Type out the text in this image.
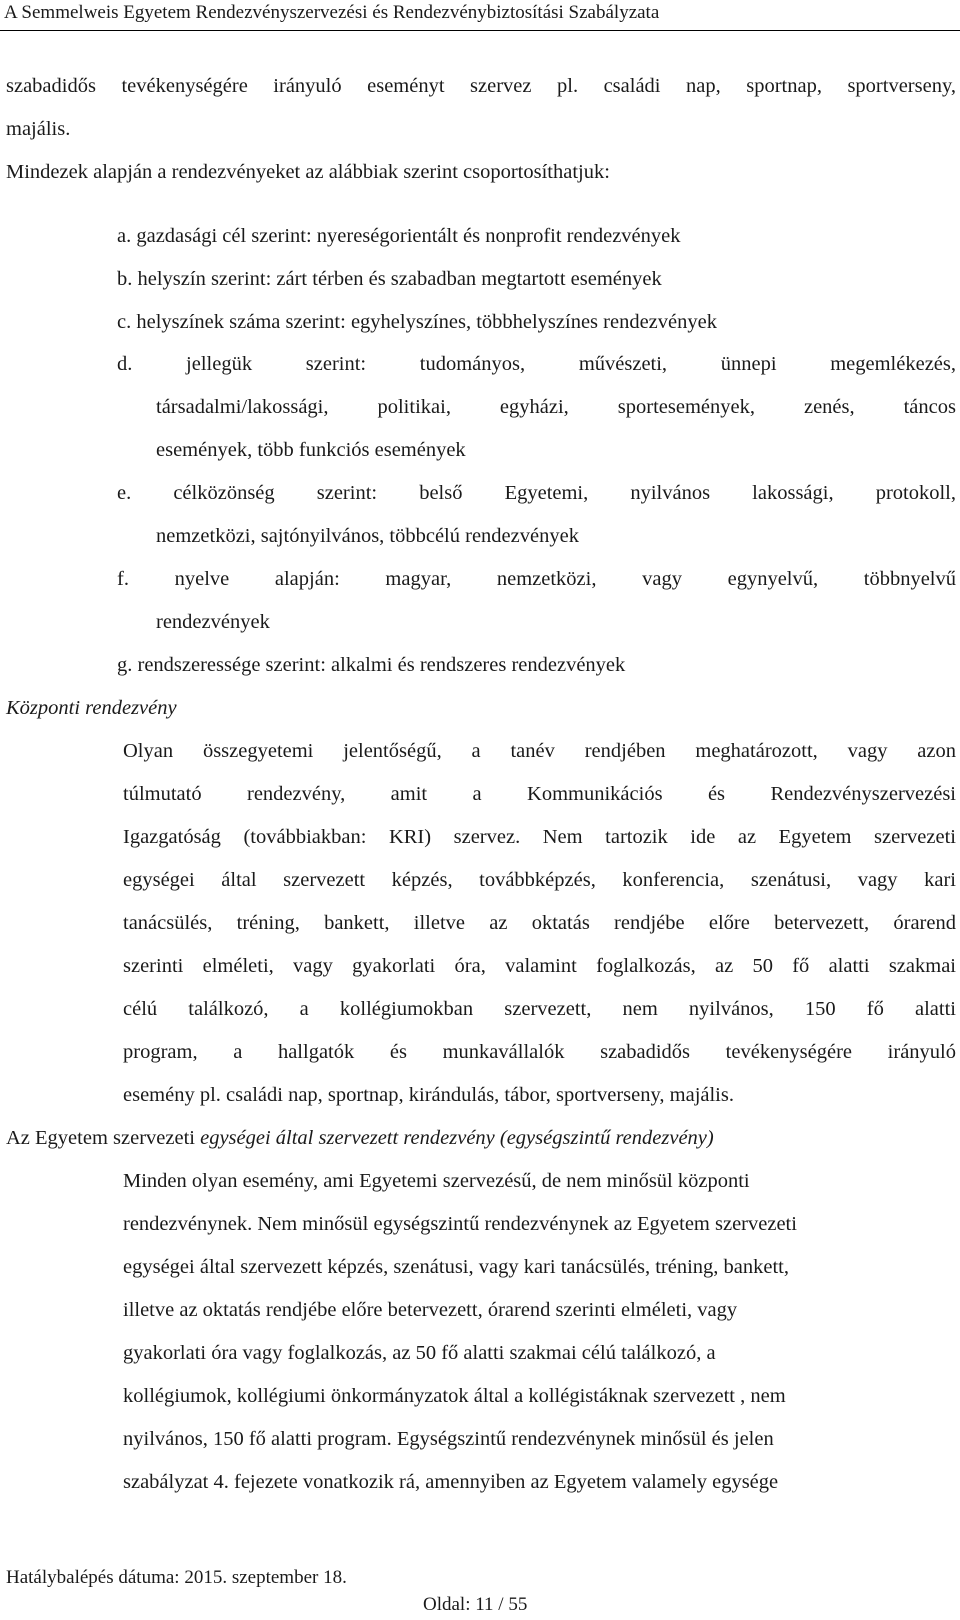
A Semmelweis Egyetem Rendezvényszervezési és Rendezvénybiztosítási Szabályzata
szabadidős tevékenységére irányuló eseményt szervez pl. családi nap, sportnap, sportverseny,
majális.
Mindezek alapján a rendezvényeket az alábbiak szerint csoportosíthatjuk:
a. gazdasági cél szerint: nyereségorientált és nonprofit rendezvények
b. helyszín szerint: zárt térben és szabadban megtartott események
c. helyszínek száma szerint: egyhelyszínes, többhelyszínes rendezvények
d. jellegük szerint: tudományos, művészeti, ünnepi megemlékezés,
társadalmi/lakossági, politikai, egyházi, sportesemények, zenés, táncos
események, több funkciós események
e. célközönség szerint: belső Egyetemi, nyilvános lakossági, protokoll,
nemzetközi, sajtónyilvános, többcélú rendezvények
f. nyelve alapján: magyar, nemzetközi, vagy egynyelvű, többnyelvű
rendezvények
g. rendszeressége szerint: alkalmi és rendszeres rendezvények
Központi rendezvény
Olyan összegyetemi jelentőségű, a tanév rendjében meghatározott, vagy azon
túlmutató rendezvény, amit a Kommunikációs és Rendezvényszervezési
Igazgatóság (továbbiakban: KRI) szervez. Nem tartozik ide az Egyetem szervezeti
egységei által szervezett képzés, továbbképzés, konferencia, szenátusi, vagy kari
tanácsülés, tréning, bankett, illetve az oktatás rendjébe előre betervezett, órarend
szerinti elméleti, vagy gyakorlati óra, valamint foglalkozás, az 50 fő alatti szakmai
célú találkozó, a kollégiumokban szervezett, nem nyilvános, 150 fő alatti
program, a hallgatók és munkavállalók szabadidős tevékenységére irányuló
esemény pl. családi nap, sportnap, kirándulás, tábor, sportverseny, majális.
Az Egyetem szervezeti egységei által szervezett rendezvény (egységszintű rendezvény)
Minden olyan esemény, ami Egyetemi szervezésű, de nem minősül központi
rendezvénynek. Nem minősül egységszintű rendezvénynek az Egyetem szervezeti
egységei által szervezett képzés, szenátusi, vagy kari tanácsülés, tréning, bankett,
illetve az oktatás rendjébe előre betervezett, órarend szerinti elméleti, vagy
gyakorlati óra vagy foglalkozás, az 50 fő alatti szakmai célú találkozó, a
kollégiumok, kollégiumi önkormányzatok által a kollégistáknak szervezett , nem
nyilvános, 150 fő alatti program. Egységszintű rendezvénynek minősül és jelen
szabályzat 4. fejezete vonatkozik rá, amennyiben az Egyetem valamely egysége
Hatálybalépés dátuma: 2015. szeptember 18.
Oldal: 11 / 55
